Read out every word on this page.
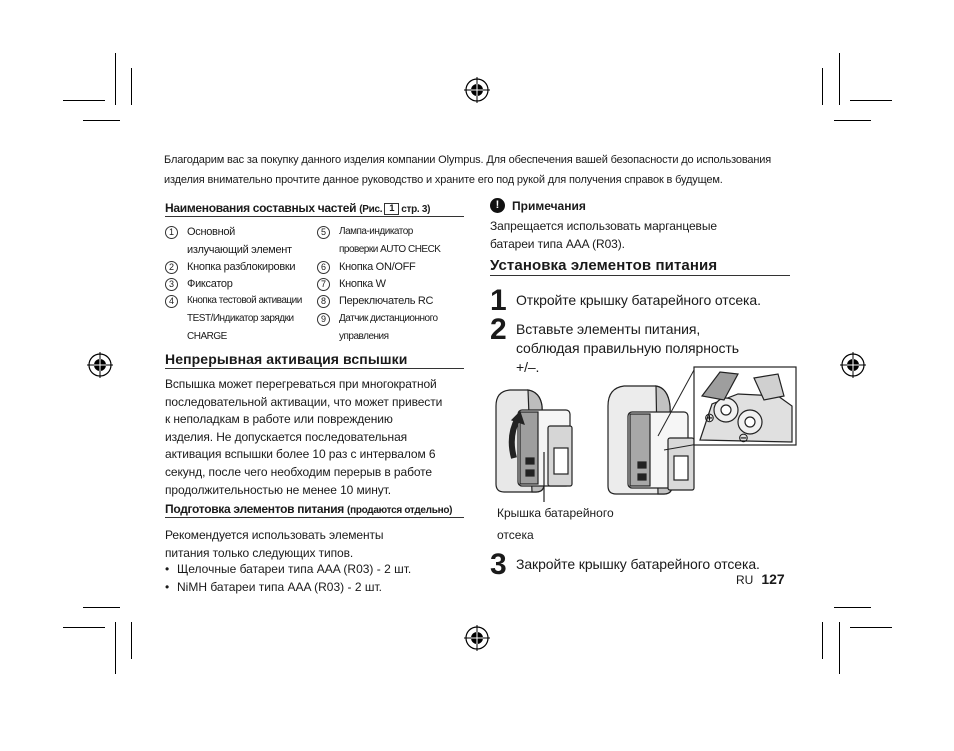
Благодарим вас за покупку данного изделия компании Olympus. Для обеспечения вашей безопасности до использования

изделия внимательно прочтите данное руководство и храните его под рукой для получения справок в будущем.

Наименования составных частей (Рис. 1 стр. 3)
1	Основной
излучающий элемент
2	Кнопка разблокировки
3	Фиксатор
4	Кнопка тестовой активации
TEST/Индикатор зарядки
CHARGE
5	Лампа-индикатор
проверки AUTO CHECK
6	Кнопка ON/OFF
7	Кнопка W
8	Переключатель RC
9	Датчик дистанционного
управления
Непрерывная активация вспышки
Вспышка может перегреваться при многократной
последовательной активации, что может привести
к неполадкам в работе или повреждению
изделия. Не допускается последовательная
активация вспышки более 10 раз с интервалом 6
секунд, после чего необходим перерыв в работе
продолжительностью не менее 10 минут.
Подготовка элементов питания (продаются отдельно)
Рекомендуется использовать элементы
питания только следующих типов.
• Щелочные батареи типа AAA (R03) - 2 шт.
• NiMH батареи типа AAA (R03) - 2 шт.
!	Примечания
Запрещается использовать марганцевые
батареи типа AAA (R03).
Установка элементов питания
1 Откройте крышку батарейного отсека.
2 Вставьте элементы питания,
соблюдая правильную полярность
+/–.
⊕
⊖
Крышка батарейного
отсека
3 Закройте крышку батарейного отсека.
RU 127
